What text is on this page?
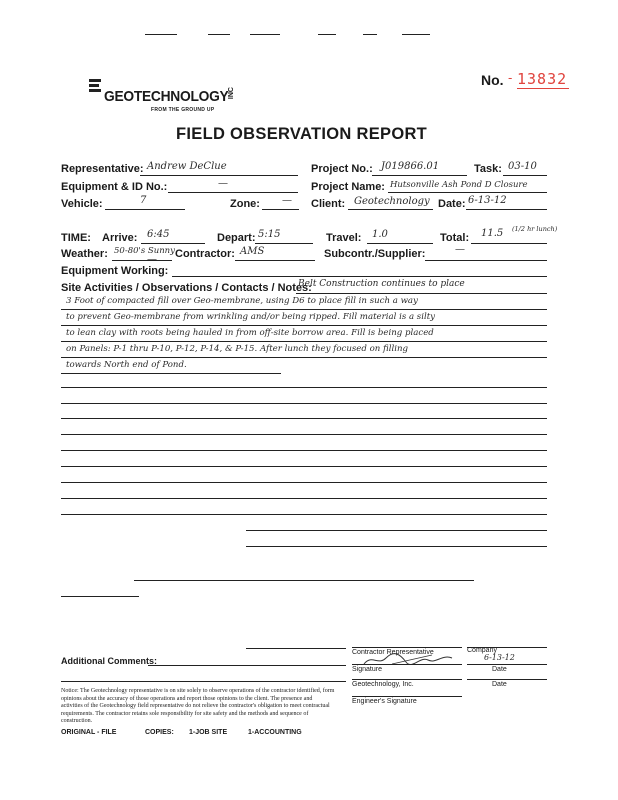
No. - 13832
GEOTECHNOLOGY INC
FROM THE GROUND UP
FIELD OBSERVATION REPORT
Representative: Andrew DeClue	Project No.: J019866.01	Task: 03-10
Equipment & ID No.:	—	Project Name: Hutsonville Ash Pond D Closure
Vehicle:	7	Zone: — Client: Geotechnology Date: 6-13-12
TIME: Arrive: 6:45	Depart: 5:15	Travel: 1.0	Total: 11.5 (1/2 hr lunch)
Weather: 50-80's Sunny Contractor: AMS	Subcontr./Supplier:	—
Equipment Working:
—
Site Activities / Observations / Contacts / Notes:
Belt Construction continues to place
3 Foot of compacted fill over Geo-membrane, using D6 to place fill in such a way
to prevent Geo-membrane from wrinkling and/or being ripped. Fill material is a silty
to lean clay with roots being hauled in from off-site borrow area. Fill is being placed
on Panels: P-1 thru P-10, P-12, P-14, & P-15. After lunch they focused on filling
towards North end of Pond.
Contractor Representative	Company
6-13-12
Signature	Date
Additional Comments:
Geotechnology, Inc.	Date
Engineer's Signature
Notice: The Geotechnology representative is on site solely to observe operations of the contractor identified, form opinions about the accuracy of those operations and report those opinions to the client. The presence and activities of the Geotechnology field representative do not relieve the contractor's obligation to meet contractual requirements. The contractor retains sole responsibility for site safety and the methods and sequence of construction.
ORIGINAL - FILE	COPIES: 1-JOB SITE	1-ACCOUNTING
